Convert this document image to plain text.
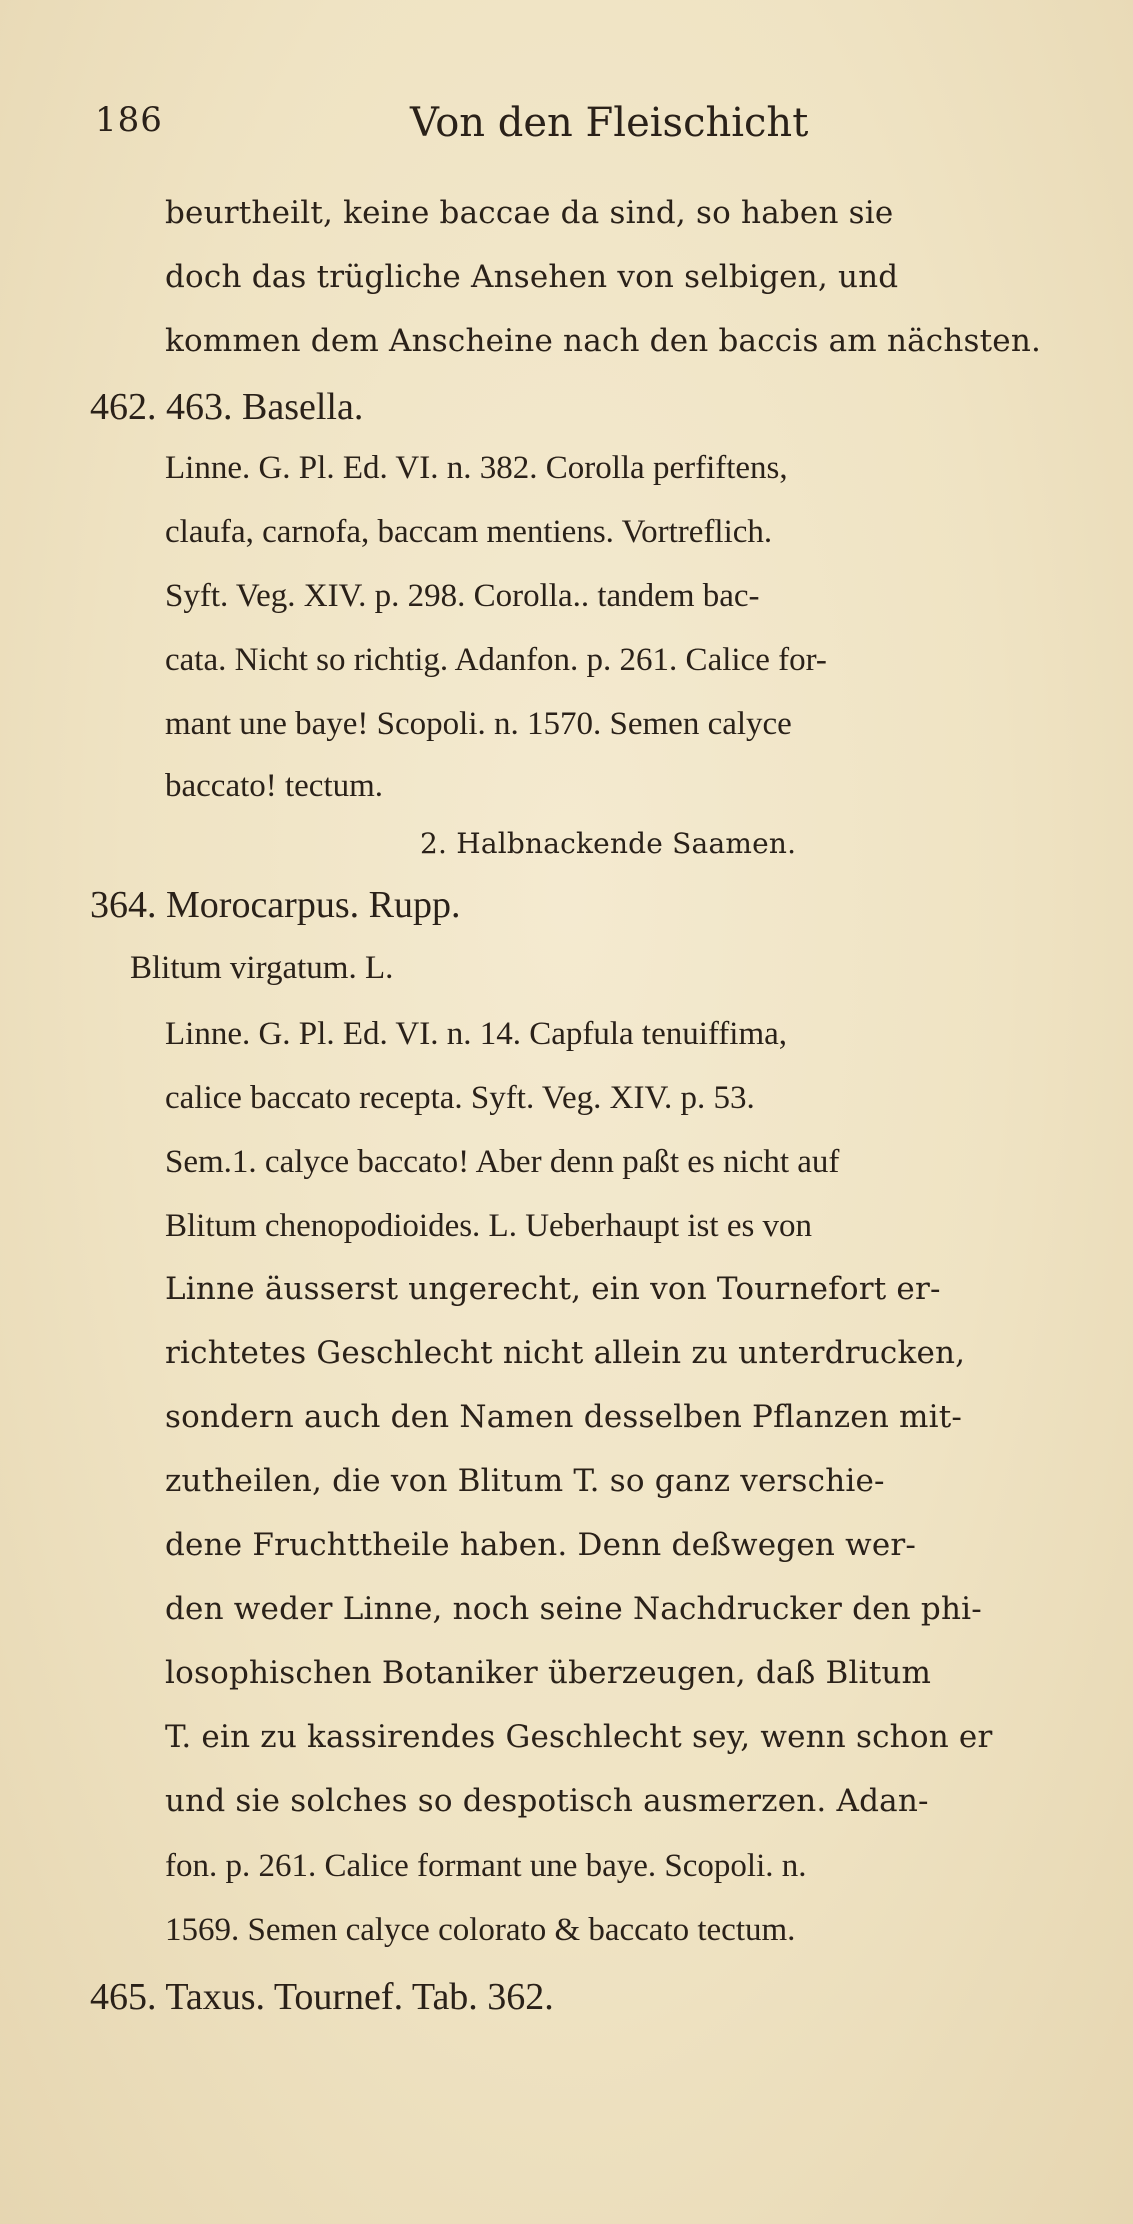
186	Von den Fleischicht
beurtheilt, keine baccae da sind, so haben sie
doch das trügliche Ansehen von selbigen, und
kommen dem Anscheine nach den baccis am nächsten.
462. 463. Basella.
Linne. G. Pl. Ed. VI. n. 382. Corolla perfiftens,
claufa, carnofa, baccam mentiens. Vortreflich.
Syft. Veg. XIV. p. 298. Corolla.. tandem bac-
cata. Nicht so richtig. Adanfon. p. 261. Calice for-
mant une baye! Scopoli. n. 1570. Semen calyce
baccato! tectum.
2. Halbnackende Saamen.
364. Morocarpus. Rupp.
Blitum virgatum. L.
Linne. G. Pl. Ed. VI. n. 14. Capfula tenuiffima,
calice baccato recepta. Syft. Veg. XIV. p. 53.
Sem.1. calyce baccato! Aber denn paßt es nicht auf
Blitum chenopodioides. L. Ueberhaupt ist es von
Linne äusserst ungerecht, ein von Tournefort er-
richtetes Geschlecht nicht allein zu unterdrucken,
sondern auch den Namen desselben Pflanzen mit-
zutheilen, die von Blitum T. so ganz verschie-
dene Fruchttheile haben. Denn deßwegen wer-
den weder Linne, noch seine Nachdrucker den phi-
losophischen Botaniker überzeugen, daß Blitum
T. ein zu kassirendes Geschlecht sey, wenn schon er
und sie solches so despotisch ausmerzen. Adan-
fon. p. 261. Calice formant une baye. Scopoli. n.
1569. Semen calyce colorato & baccato tectum.
465. Taxus. Tournef. Tab. 362.
